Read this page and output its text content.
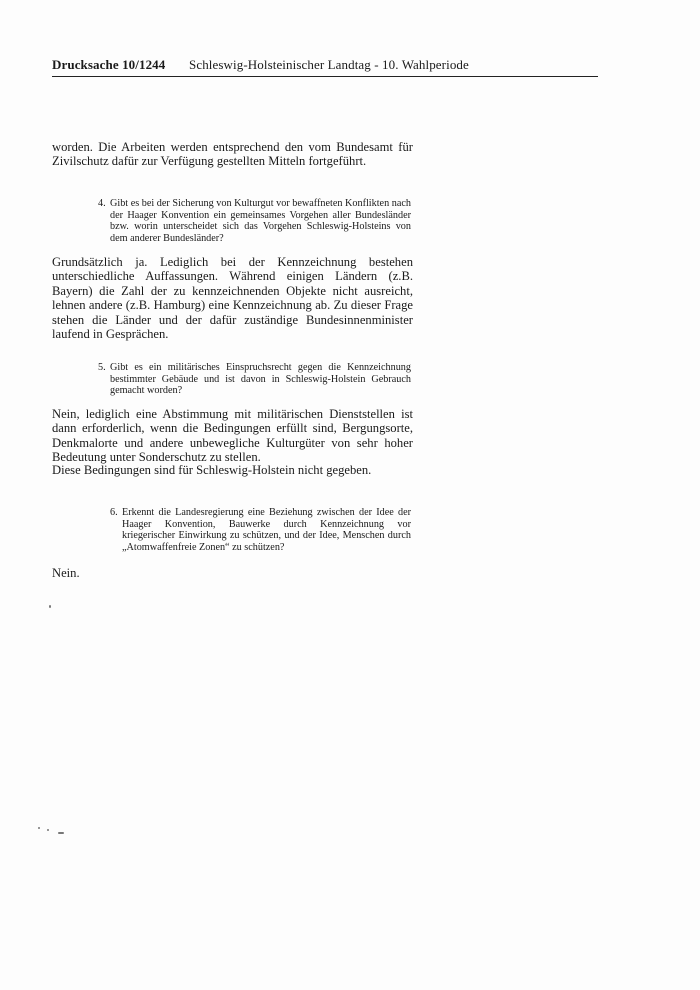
Drucksache 10/1244 Schleswig-Holsteinischer Landtag - 10. Wahlperiode

worden. Die Arbeiten werden entsprechend den vom Bundesamt für Zivilschutz dafür zur Verfügung gestellten Mitteln fortgeführt.

4. Gibt es bei der Sicherung von Kulturgut vor bewaffneten Konflikten nach der Haager Konvention ein gemeinsames Vorgehen aller Bundesländer bzw. worin unterscheidet sich das Vorgehen Schleswig-Holsteins von dem anderer Bundesländer?

Grundsätzlich ja. Lediglich bei der Kennzeichnung bestehen unterschiedliche Auffassungen. Während einigen Ländern (z.B. Bayern) die Zahl der zu kennzeichnenden Objekte nicht ausreicht, lehnen andere (z.B. Hamburg) eine Kennzeichnung ab. Zu dieser Frage stehen die Länder und der dafür zuständige Bundesinnenminister laufend in Gesprächen.

5. Gibt es ein militärisches Einspruchsrecht gegen die Kennzeichnung bestimmter Gebäude und ist davon in Schleswig-Holstein Gebrauch gemacht worden?

Nein, lediglich eine Abstimmung mit militärischen Dienststellen ist dann erforderlich, wenn die Bedingungen erfüllt sind, Bergungsorte, Denkmalorte und andere unbewegliche Kulturgüter von sehr hoher Bedeutung unter Sonderschutz zu stellen.

Diese Bedingungen sind für Schleswig-Holstein nicht gegeben.

6. Erkennt die Landesregierung eine Beziehung zwischen der Idee der Haager Konvention, Bauwerke durch Kennzeichnung vor kriegerischer Einwirkung zu schützen, und der Idee, Menschen durch „Atomwaffenfreie Zonen“ zu schützen?

Nein.
